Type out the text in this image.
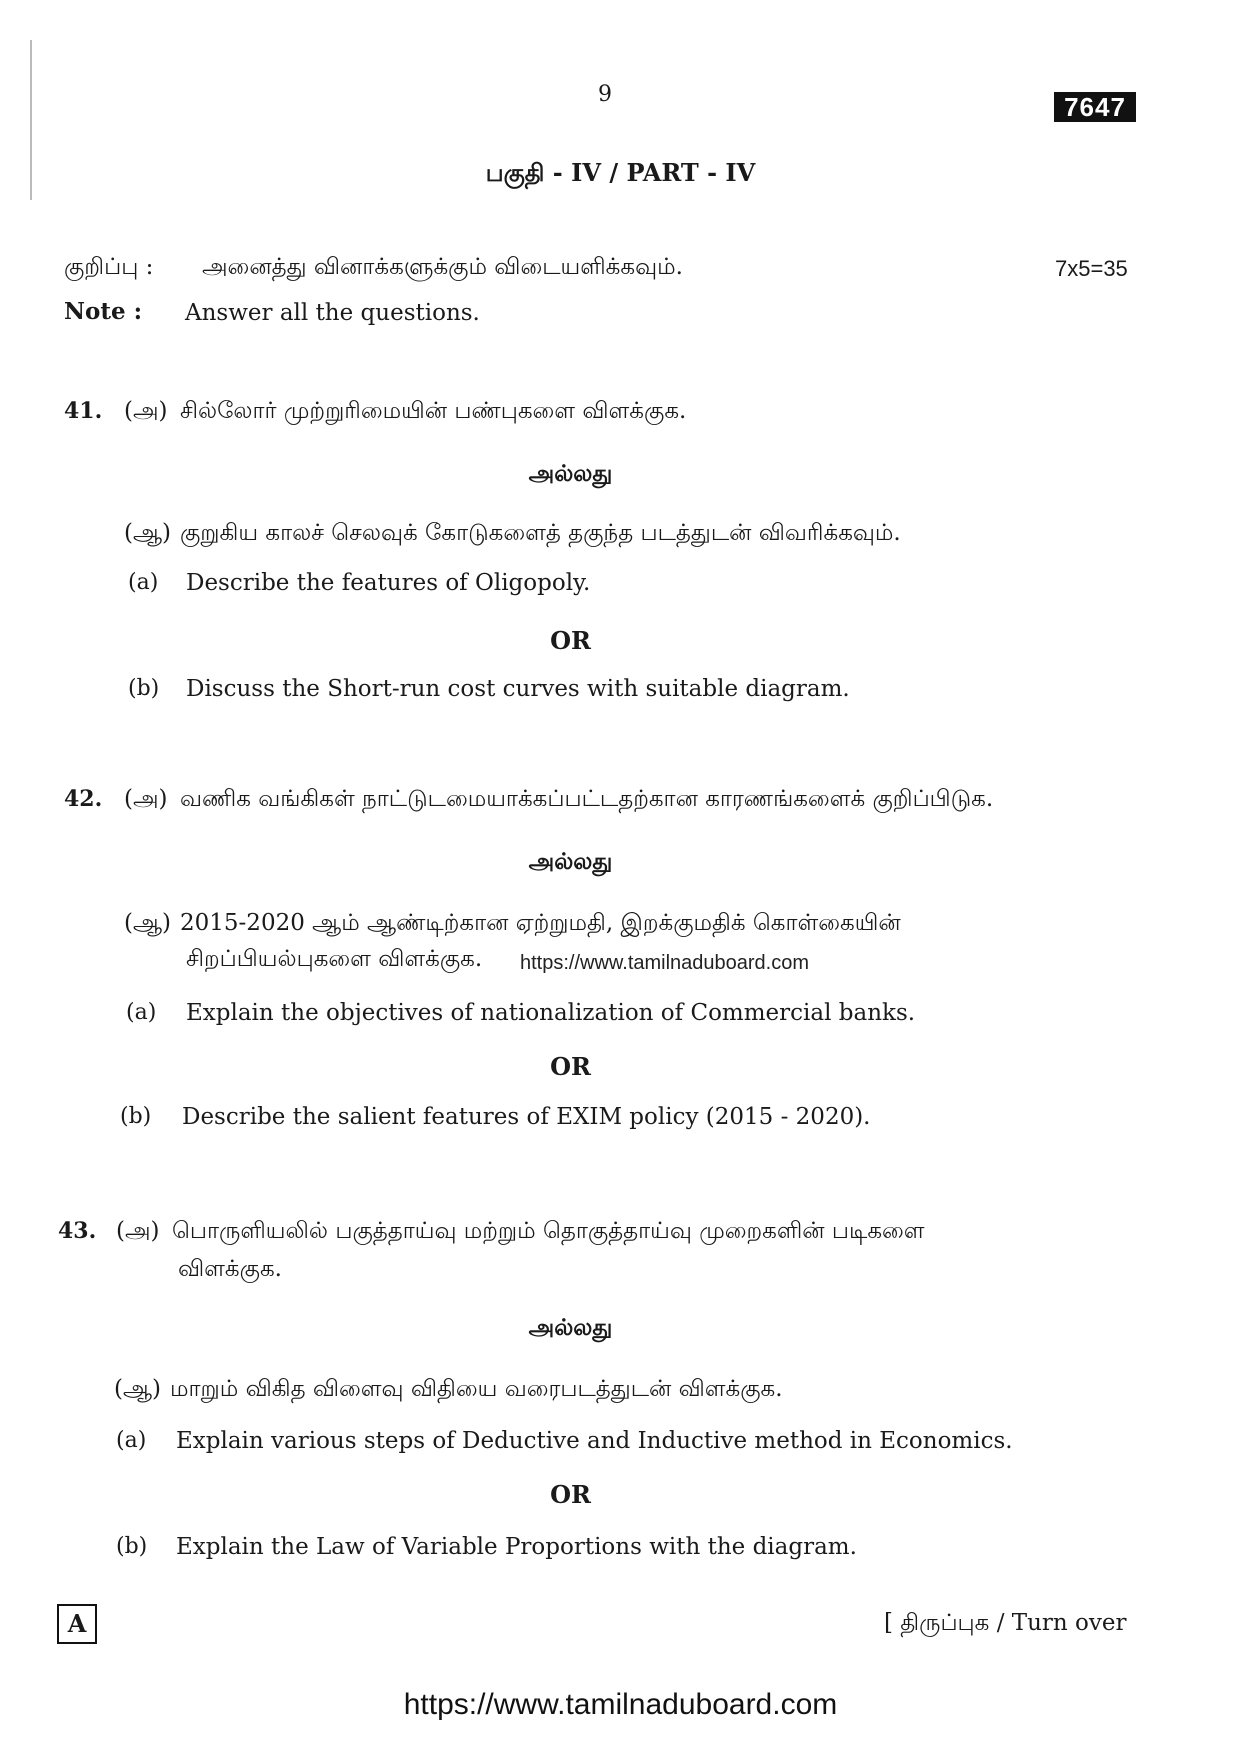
9	7647
பகுதி - IV / PART - IV
குறிப்பு : அனைத்து வினாக்களுக்கும் விடையளிக்கவும்.	7x5=35
Note : Answer all the questions.
41. (அ) சில்லோர் முற்றுரிமையின் பண்புகளை விளக்குக.
அல்லது
(ஆ) குறுகிய காலச் செலவுக் கோடுகளைத் தகுந்த படத்துடன் விவரிக்கவும்.
(a) Describe the features of Oligopoly.
OR
(b) Discuss the Short-run cost curves with suitable diagram.
42. (அ) வணிக வங்கிகள் நாட்டுடமையாக்கப்பட்டதற்கான காரணங்களைக் குறிப்பிடுக.
அல்லது
(ஆ) 2015-2020 ஆம் ஆண்டிற்கான ஏற்றுமதி, இறக்குமதிக் கொள்கையின்
சிறப்பியல்புகளை விளக்குக. https://www.tamilnaduboard.com
(a) Explain the objectives of nationalization of Commercial banks.
OR
(b) Describe the salient features of EXIM policy (2015 - 2020).
43. (அ) பொருளியலில் பகுத்தாய்வு மற்றும் தொகுத்தாய்வு முறைகளின் படிகளை
விளக்குக.
அல்லது
(ஆ) மாறும் விகித விளைவு விதியை வரைபடத்துடன் விளக்குக.
(a) Explain various steps of Deductive and Inductive method in Economics.
OR
(b) Explain the Law of Variable Proportions with the diagram.
A	[ திருப்புக / Turn over
https://www.tamilnaduboard.com
